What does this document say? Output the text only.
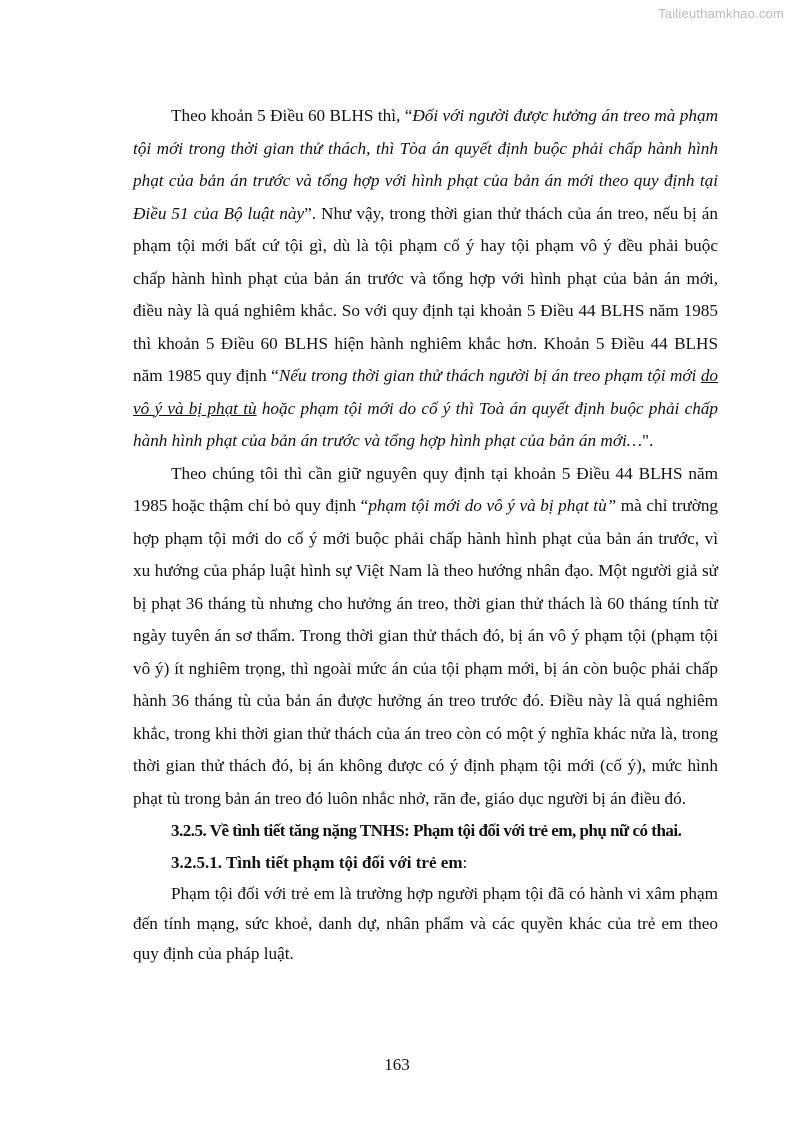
Tailieuthamkhao.com

Theo khoản 5 Điều 60 BLHS thì, “Đối với người được hưởng án treo mà phạm tội mới trong thời gian thử thách, thì Tòa án quyết định buộc phải chấp hành hình phạt của bản án trước và tổng hợp với hình phạt của bản án mới theo quy định tại Điều 51 của Bộ luật này”. Như vậy, trong thời gian thử thách của án treo, nếu bị án phạm tội mới bất cứ tội gì, dù là tội phạm cố ý hay tội phạm vô ý đều phải buộc chấp hành hình phạt của bản án trước và tổng hợp với hình phạt của bản án mới, điều này là quá nghiêm khắc. So với quy định tại khoản 5 Điều 44 BLHS năm 1985 thì khoản 5 Điều 60 BLHS hiện hành nghiêm khắc hơn. Khoản 5 Điều 44 BLHS năm 1985 quy định “Nếu trong thời gian thử thách người bị án treo phạm tội mới do vô ý và bị phạt tù hoặc phạm tội mới do cố ý thì Toà án quyết định buộc phải chấp hành hình phạt của bản án trước và tổng hợp hình phạt của bản án mới…".

Theo chúng tôi thì cần giữ nguyên quy định tại khoản 5 Điều 44 BLHS năm 1985 hoặc thậm chí bỏ quy định “phạm tội mới do vô ý và bị phạt tù” mà chỉ trường hợp phạm tội mới do cố ý mới buộc phải chấp hành hình phạt của bản án trước, vì xu hướng của pháp luật hình sự Việt Nam là theo hướng nhân đạo. Một người giả sử bị phạt 36 tháng tù nhưng cho hưởng án treo, thời gian thử thách là 60 tháng tính từ ngày tuyên án sơ thẩm. Trong thời gian thử thách đó, bị án vô ý phạm tội (phạm tội vô ý) ít nghiêm trọng, thì ngoài mức án của tội phạm mới, bị án còn buộc phải chấp hành 36 tháng tù của bản án được hưởng án treo trước đó. Điều này là quá nghiêm khắc, trong khi thời gian thử thách của án treo còn có một ý nghĩa khác nửa là, trong thời gian thử thách đó, bị án không được có ý định phạm tội mới (cố ý), mức hình phạt tù trong bản án treo đó luôn nhắc nhở, răn đe, giáo dục người bị án điều đó.

3.2.5. Về tình tiết tăng nặng TNHS: Phạm tội đối với trẻ em, phụ nữ có thai.

3.2.5.1. Tình tiết phạm tội đối với trẻ em:

Phạm tội đối với trẻ em là trường hợp người phạm tội đã có hành vi xâm phạm đến tính mạng, sức khoẻ, danh dự, nhân phẩm và các quyền khác của trẻ em theo quy định của pháp luật.

163
